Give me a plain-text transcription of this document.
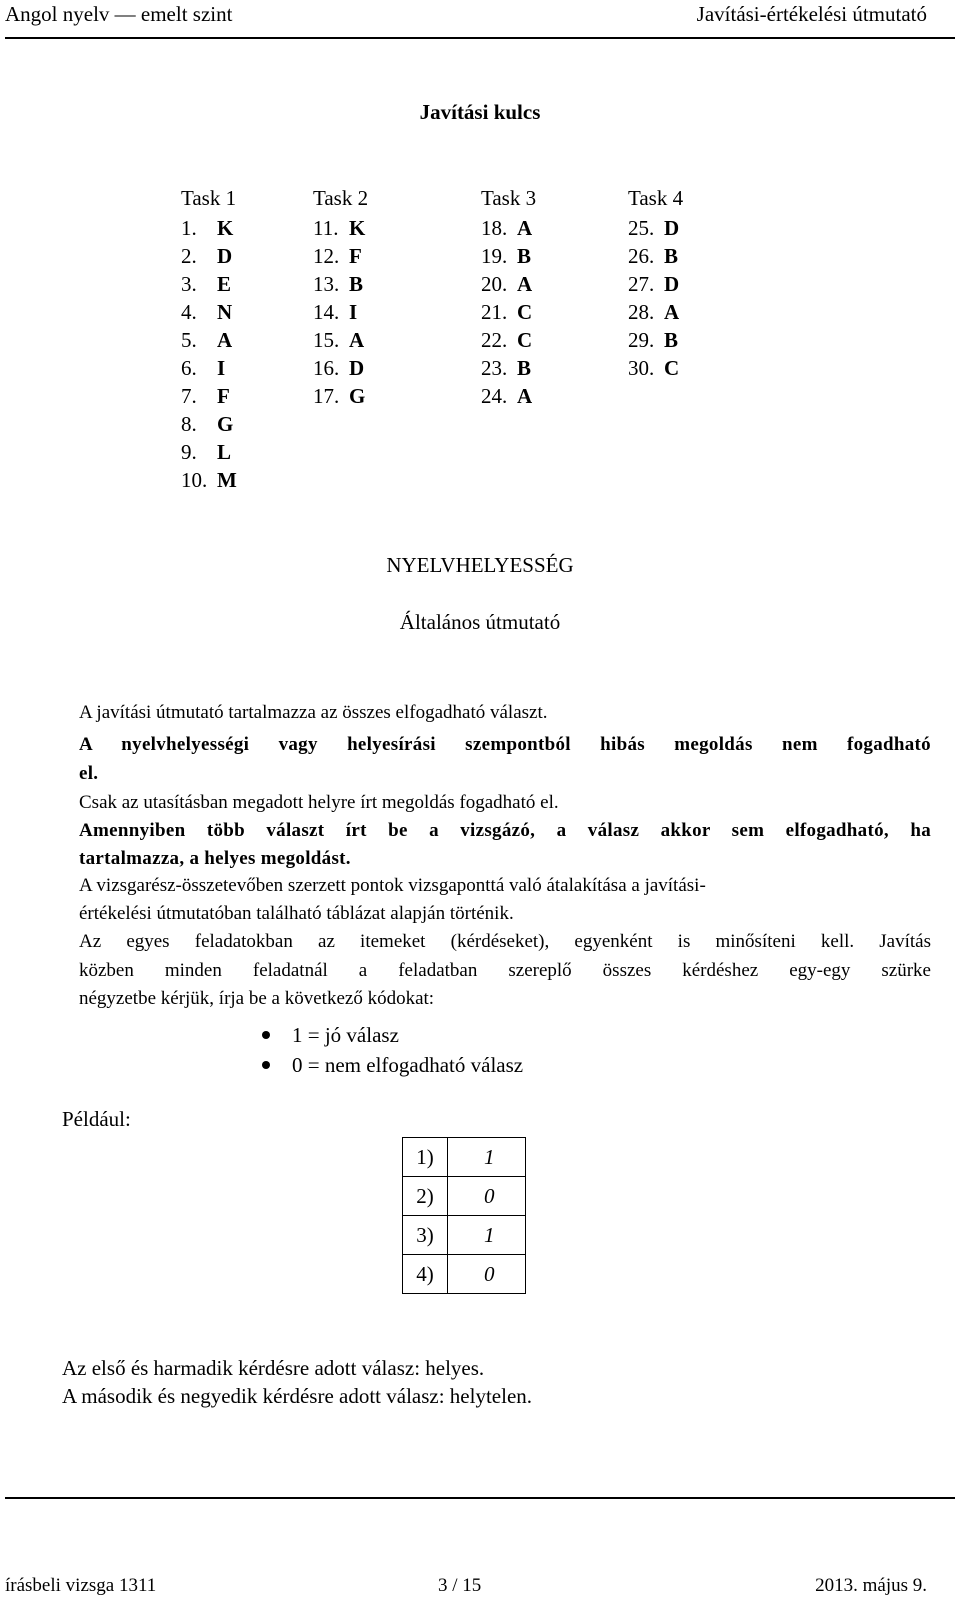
Angol nyelv — emelt szint	Javítási-értékelési útmutató
Javítási kulcs
Task 1
1. K
2. D
3. E
4. N
5. A
6. I
7. F
8. G
9. L
10. M
Task 2
11. K
12. F
13. B
14. I
15. A
16. D
17. G
Task 3
18. A
19. B
20. A
21. C
22. C
23. B
24. A
Task 4
25. D
26. B
27. D
28. A
29. B
30. C
NYELVHELYESSÉG
Általános útmutató
A javítási útmutató tartalmazza az összes elfogadható választ.
A nyelvhelyességi vagy helyesírási szempontból hibás megoldás nem fogadható
el.
Csak az utasításban megadott helyre írt megoldás fogadható el.
Amennyiben több választ írt be a vizsgázó, a válasz akkor sem elfogadható, ha
tartalmazza, a helyes megoldást.
A vizsgarész-összetevőben szerzett pontok vizsgaponttá való átalakítása a javítási-
értékelési útmutatóban található táblázat alapján történik.
Az egyes feladatokban az itemeket (kérdéseket), egyenként is minősíteni kell. Javítás
közben minden feladatnál a feladatban szereplő összes kérdéshez egy-egy szürke
négyzetbe kérjük, írja be a következő kódokat:
1 = jó válasz
0 = nem elfogadható válasz
Például:
1)	1
2)	0
3)	1
4)	0
Az első és harmadik kérdésre adott válasz: helyes.
A második és negyedik kérdésre adott válasz: helytelen.
írásbeli vizsga 1311	3 / 15	2013. május 9.
